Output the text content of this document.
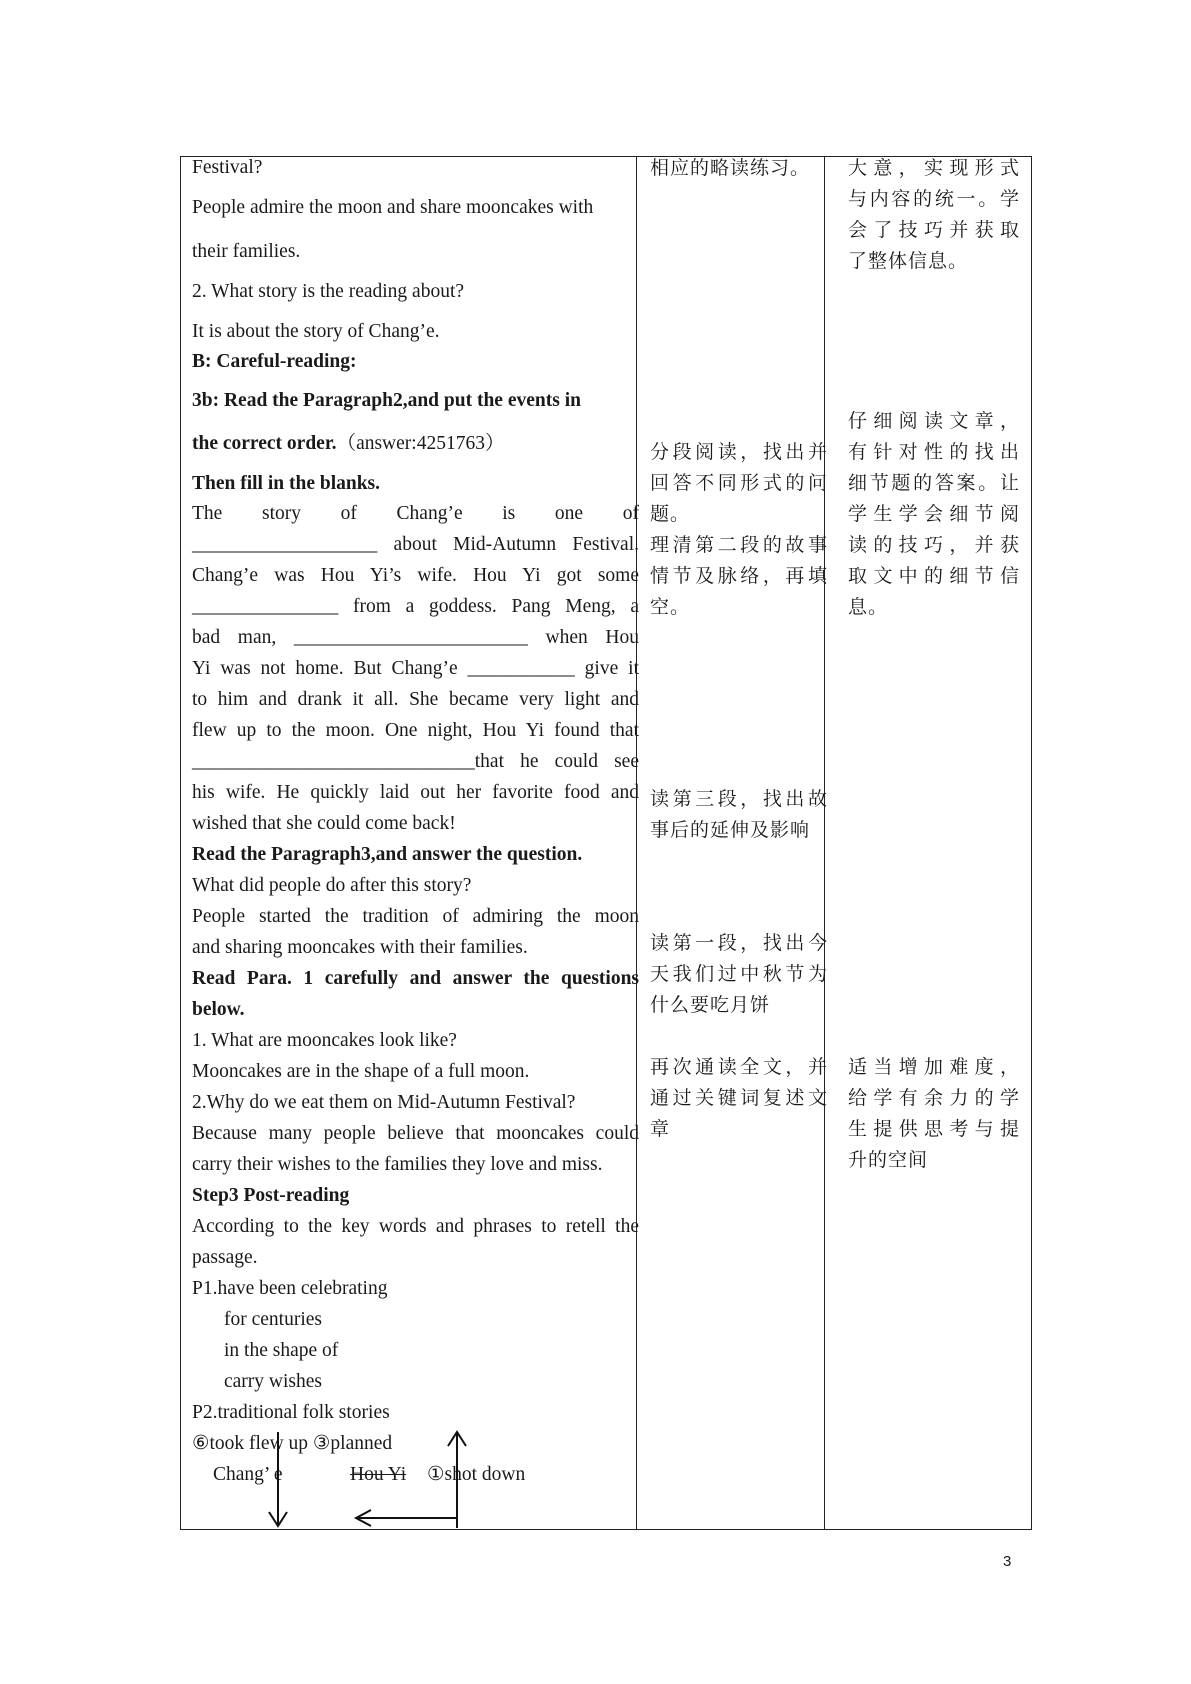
Festival?
People admire the moon and share mooncakes with
their families.
2. What story is the reading about?
It is about the story of Chang’e.
B: Careful-reading:
3b: Read the Paragraph2,and put the events in
the correct order.（answer:4251763）
Then fill in the blanks.
The story of Chang’e is one of
___________________ about Mid-Autumn Festival.
Chang’e was Hou Yi’s wife. Hou Yi got some
_______________ from a goddess. Pang Meng, a
bad man, ________________________ when Hou
Yi was not home. But Chang’e ___________ give it
to him and drank it all. She became very light and
flew up to the moon. One night, Hou Yi found that
_____________________________that he could see
his wife. He quickly laid out her favorite food and
wished that she could come back!
Read the Paragraph3,and answer the question.
What did people do after this story?
People started the tradition of admiring the moon
and sharing mooncakes with their families.
Read Para. 1 carefully and answer the questions
below.
1. What are mooncakes look like?
Mooncakes are in the shape of a full moon.
2.Why do we eat them on Mid-Autumn Festival?
Because many people believe that mooncakes could
carry their wishes to the families they love and miss.
Step3 Post-reading
According to the key words and phrases to retell the
passage.
P1.have been celebrating
for centuries
in the shape of
carry wishes
P2.traditional folk stories
⑥took flew up ③planned
Chang’ e	Hou Yi ①shot down
相应的略读练习。
分段阅读，找出并
回答不同形式的问
题。
理清第二段的故事
情节及脉络，再填
空。
读第三段，找出故
事后的延伸及影响
读第一段，找出今
天我们过中秋节为
什么要吃月饼
再次通读全文，并
通过关键词复述文
章
大意，实现形式
与内容的统一。学
会了技巧并获取
了整体信息。
仔细阅读文章，
有针对性的找出
细节题的答案。让
学生学会细节阅
读的技巧，并获
取文中的细节信
息。
适当增加难度，
给学有余力的学
生提供思考与提
升的空间
3
